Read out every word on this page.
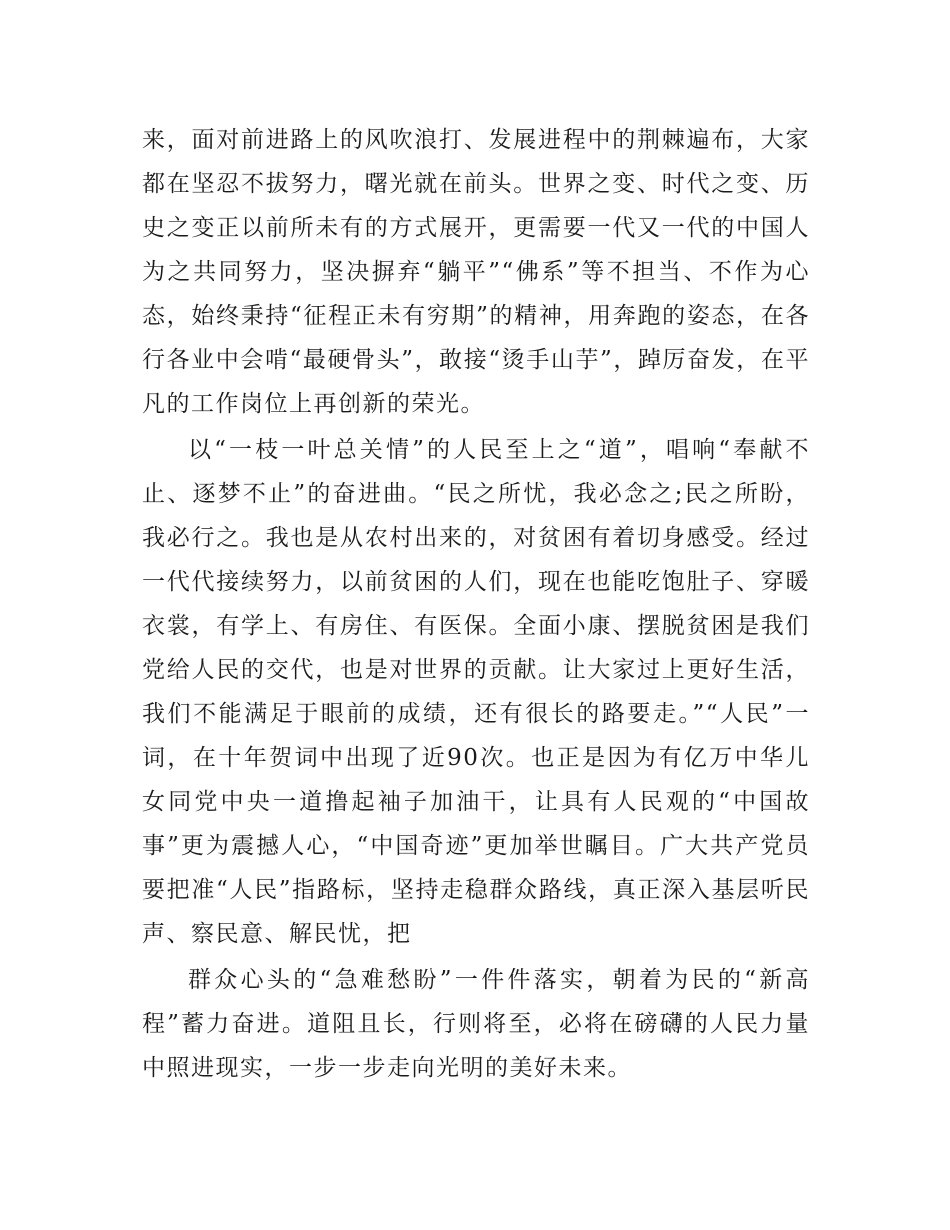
来，面对前进路上的风吹浪打、发展进程中的荆棘遍布，大家都在坚忍不拔努力，曙光就在前头。世界之变、时代之变、历史之变正以前所未有的方式展开，更需要一代又一代的中国人为之共同努力，坚决摒弃“躺平”“佛系”等不担当、不作为心态，始终秉持“征程正未有穷期”的精神，用奔跑的姿态，在各行各业中会啃“最硬骨头”，敢接“烫手山芋”，踔厉奋发，在平凡的工作岗位上再创新的荣光。

以“一枝一叶总关情”的人民至上之“道”，唱响“奉献不止、逐梦不止”的奋进曲。“民之所忧，我必念之;民之所盼，我必行之。我也是从农村出来的，对贫困有着切身感受。经过一代代接续努力，以前贫困的人们，现在也能吃饱肚子、穿暖衣裳，有学上、有房住、有医保。全面小康、摆脱贫困是我们党给人民的交代，也是对世界的贡献。让大家过上更好生活，我们不能满足于眼前的成绩，还有很长的路要走。”“人民”一词，在十年贺词中出现了近90次。也正是因为有亿万中华儿女同党中央一道撸起袖子加油干，让具有人民观的“中国故事”更为震撼人心，“中国奇迹”更加举世瞩目。广大共产党员要把准“人民”指路标，坚持走稳群众路线，真正深入基层听民声、察民意、解民忧，把

群众心头的“急难愁盼”一件件落实，朝着为民的“新高程”蓄力奋进。道阻且长，行则将至，必将在磅礴的人民力量中照进现实，一步一步走向光明的美好未来。
